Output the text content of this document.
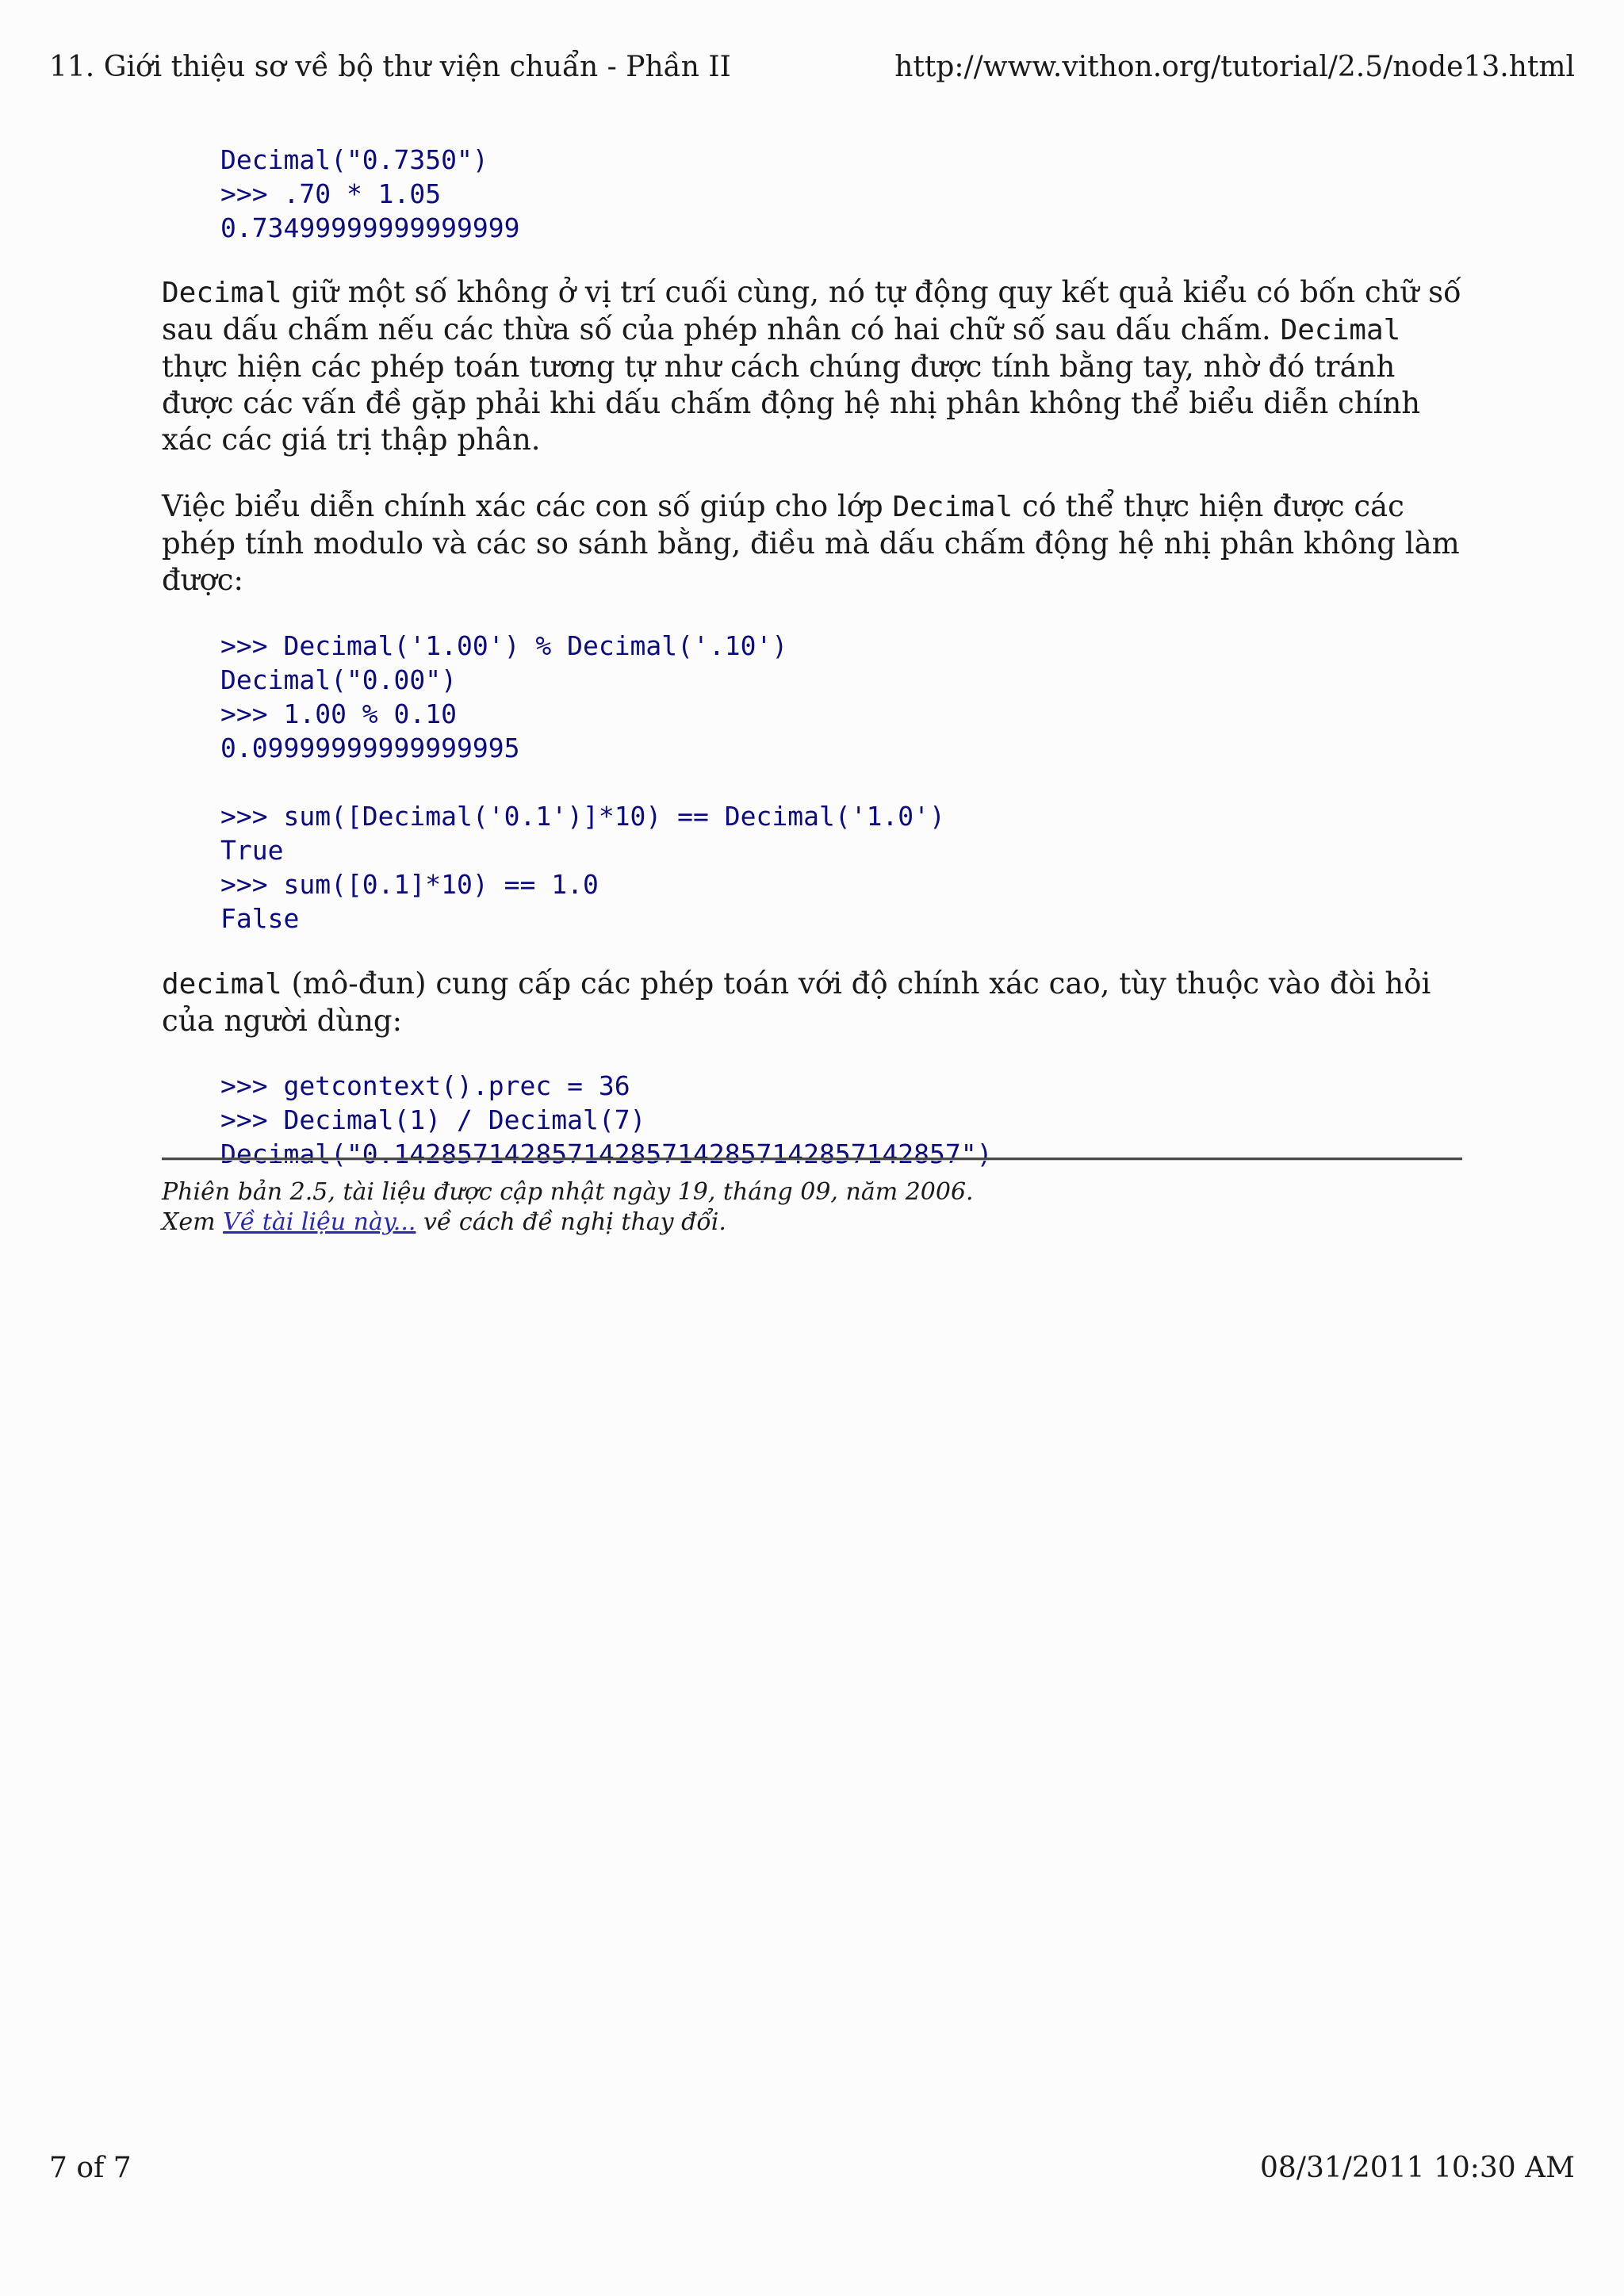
11. Giới thiệu sơ về bộ thư viện chuẩn - Phần II	http://www.vithon.org/tutorial/2.5/node13.html
Decimal("0.7350")
>>> .70 * 1.05
0.73499999999999999

Decimal giữ một số không ở vị trí cuối cùng, nó tự động quy kết quả kiểu có bốn chữ số sau dấu chấm nếu các thừa số của phép nhân có hai chữ số sau dấu chấm. Decimal thực hiện các phép toán tương tự như cách chúng được tính bằng tay, nhờ đó tránh được các vấn đề gặp phải khi dấu chấm động hệ nhị phân không thể biểu diễn chính xác các giá trị thập phân.

Việc biểu diễn chính xác các con số giúp cho lớp Decimal có thể thực hiện được các phép tính modulo và các so sánh bằng, điều mà dấu chấm động hệ nhị phân không làm được:

>>> Decimal('1.00') % Decimal('.10')
Decimal("0.00")
>>> 1.00 % 0.10
0.09999999999999995
>>> sum([Decimal('0.1')]*10) == Decimal('1.0')
True
>>> sum([0.1]*10) == 1.0
False

decimal (mô-đun) cung cấp các phép toán với độ chính xác cao, tùy thuộc vào đòi hỏi của người dùng:

>>> getcontext().prec = 36
>>> Decimal(1) / Decimal(7)
Decimal("0.142857142857142857142857142857142857")
Phiên bản 2.5, tài liệu được cập nhật ngày 19, tháng 09, năm 2006.
Xem Về tài liệu này... về cách đề nghị thay đổi.
7 of 7	08/31/2011 10:30 AM
